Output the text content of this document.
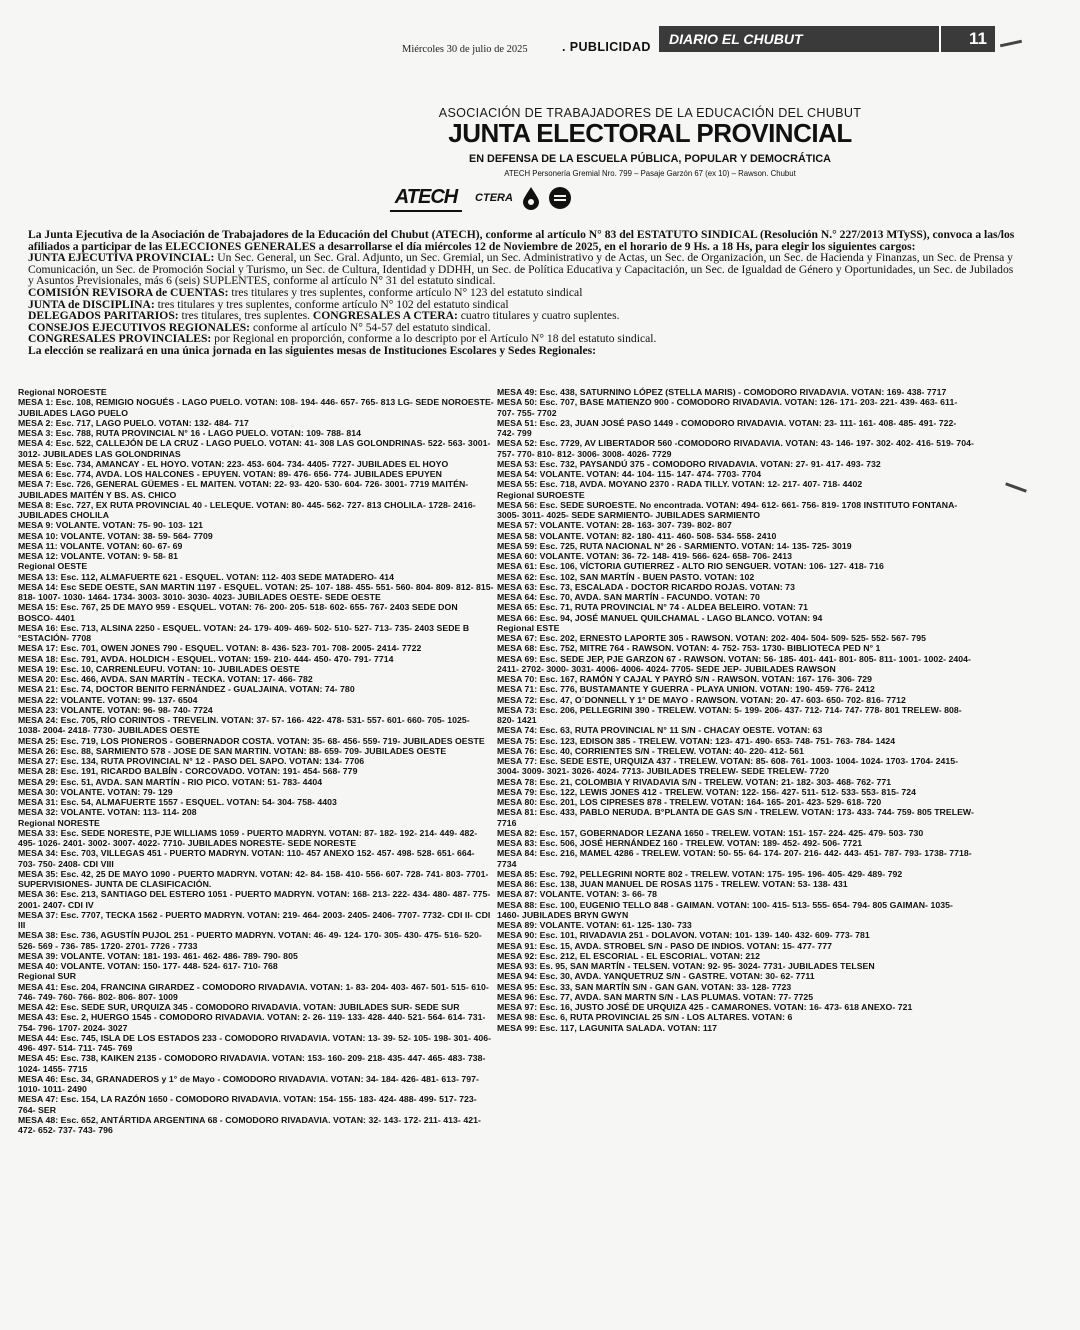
Miércoles 30 de julio de 2025	. PUBLICIDAD	DIARIO EL CHUBUT	11
ASOCIACIÓN DE TRABAJADORES DE LA EDUCACIÓN DEL CHUBUT
JUNTA ELECTORAL PROVINCIAL
EN DEFENSA DE LA ESCUELA PÚBLICA, POPULAR Y DEMOCRÁTICA
ATECH Personería Gremial Nro. 799 – Pasaje Garzón 67 (ex 10) – Rawson. Chubut
ATECH	CTERA

La Junta Ejecutiva de la Asociación de Trabajadores de la Educación del Chubut (ATECH), conforme al artículo N° 83 del ESTATUTO SINDICAL (Resolución N.° 227/2013 MTySS), convoca a las/los afiliados a participar de las ELECCIONES GENERALES a desarrollarse el día miércoles 12 de Noviembre de 2025, en el horario de 9 Hs. a 18 Hs, para elegir los siguientes cargos:

JUNTA EJECUTIVA PROVINCIAL: Un Sec. General, un Sec. Gral. Adjunto, un Sec. Gremial, un Sec. Administrativo y de Actas, un Sec. de Organización, un Sec. de Hacienda y Finanzas, un Sec. de Prensa y Comunicación, un Sec. de Promoción Social y Turismo, un Sec. de Cultura, Identidad y DDHH, un Sec. de Política Educativa y Capacitación, un Sec. de Igualdad de Género y Oportunidades, un Sec. de Jubilados y Asuntos Previsionales, más 6 (seis) SUPLENTES, conforme al artículo N° 31 del estatuto sindical.

COMISIÓN REVISORA de CUENTAS: tres titulares y tres suplentes, conforme artículo N° 123 del estatuto sindical

JUNTA de DISCIPLINA: tres titulares y tres suplentes, conforme artículo N° 102 del estatuto sindical

DELEGADOS PARITARIOS: tres titulares, tres suplentes. CONGRESALES A CTERA: cuatro titulares y cuatro suplentes.

CONSEJOS EJECUTIVOS REGIONALES: conforme al artículo N° 54-57 del estatuto sindical.

CONGRESALES PROVINCIALES: por Regional en proporción, conforme a lo descripto por el Artículo N° 18 del estatuto sindical.

La elección se realizará en una única jornada en las siguientes mesas de Instituciones Escolares y Sedes Regionales:

Regional NOROESTE
MESA 1: Esc. 108, REMIGIO NOGUÉS - LAGO PUELO. VOTAN: 108- 194- 446- 657- 765- 813 LG- SEDE NOROESTE- JUBILADES LAGO PUELO
MESA 2: Esc. 717, LAGO PUELO. VOTAN: 132- 484- 717
MESA 3: Esc. 788, RUTA PROVINCIAL N° 16 - LAGO PUELO. VOTAN: 109- 788- 814
MESA 4: Esc. 522, CALLEJÓN DE LA CRUZ - LAGO PUELO. VOTAN: 41- 308 LAS GOLONDRINAS- 522- 563- 3001- 3012- JUBILADES LAS GOLONDRINAS
MESA 5: Esc. 734, AMANCAY - EL HOYO. VOTAN: 223- 453- 604- 734- 4405- 7727- JUBILADES EL HOYO
MESA 6: Esc. 774, AVDA. LOS HALCONES - EPUYEN. VOTAN: 89- 476- 656- 774- JUBILADES EPUYEN
MESA 7: Esc. 726, GENERAL GÜEMES - EL MAITEN. VOTAN: 22- 93- 420- 530- 604- 726- 3001- 7719 MAITÉN- JUBILADES MAITÉN Y BS. AS. CHICO
MESA 8: Esc. 727, EX RUTA PROVINCIAL 40 - LELEQUE. VOTAN: 80- 445- 562- 727- 813 CHOLILA- 1728- 2416- JUBILADES CHOLILA
MESA 9: VOLANTE. VOTAN: 75- 90- 103- 121
MESA 10: VOLANTE. VOTAN: 38- 59- 564- 7709
MESA 11: VOLANTE. VOTAN: 60- 67- 69
MESA 12: VOLANTE. VOTAN: 9- 58- 81
Regional OESTE
MESA 13: Esc. 112, ALMAFUERTE 621 - ESQUEL. VOTAN: 112- 403 SEDE MATADERO- 414
MESA 14: Esc SEDE OESTE, SAN MARTIN 1197 - ESQUEL. VOTAN: 25- 107- 188- 455- 551- 560- 804- 809- 812- 815- 818- 1007- 1030- 1464- 1734- 3003- 3010- 3030- 4023- JUBILADES OESTE- SEDE OESTE
MESA 15: Esc. 767, 25 DE MAYO 959 - ESQUEL. VOTAN: 76- 200- 205- 518- 602- 655- 767- 2403 SEDE DON BOSCO- 4401
MESA 16: Esc. 713, ALSINA 2250 - ESQUEL. VOTAN: 24- 179- 409- 469- 502- 510- 527- 713- 735- 2403 SEDE B °ESTACIÓN- 7708
MESA 17: Esc. 701, OWEN JONES 790 - ESQUEL. VOTAN: 8- 436- 523- 701- 708- 2005- 2414- 7722
MESA 18: Esc. 791, AVDA. HOLDICH - ESQUEL. VOTAN: 159- 210- 444- 450- 470- 791- 7714
MESA 19: Esc. 10, CARRENLEUFU. VOTAN: 10- JUBILADES OESTE
MESA 20: Esc. 466, AVDA. SAN MARTÍN - TECKA. VOTAN: 17- 466- 782
MESA 21: Esc. 74, DOCTOR BENITO FERNÁNDEZ - GUALJAINA. VOTAN: 74- 780
MESA 22: VOLANTE. VOTAN: 99- 137- 6504
MESA 23: VOLANTE. VOTAN: 96- 98- 740- 7724
MESA 24: Esc. 705, RÍO CORINTOS - TREVELIN. VOTAN: 37- 57- 166- 422- 478- 531- 557- 601- 660- 705- 1025- 1038- 2004- 2418- 7730- JUBILADES OESTE
MESA 25: Esc. 719, LOS PIONEROS - GOBERNADOR COSTA. VOTAN: 35- 68- 456- 559- 719- JUBILADES OESTE
MESA 26: Esc. 88, SARMIENTO 578 - JOSE DE SAN MARTIN. VOTAN: 88- 659- 709- JUBILADES OESTE
MESA 27: Esc. 134, RUTA PROVINCIAL N° 12 - PASO DEL SAPO. VOTAN: 134- 7706
MESA 28: Esc. 191, RICARDO BALBÍN - CORCOVADO. VOTAN: 191- 454- 568- 779
MESA 29: Esc. 51, AVDA. SAN MARTÍN - RIO PICO. VOTAN: 51- 783- 4404
MESA 30: VOLANTE. VOTAN: 79- 129
MESA 31: Esc. 54, ALMAFUERTE 1557 - ESQUEL. VOTAN: 54- 304- 758- 4403
MESA 32: VOLANTE. VOTAN: 113- 114- 208
Regional NORESTE
MESA 33: Esc. SEDE NORESTE, PJE WILLIAMS 1059 - PUERTO MADRYN. VOTAN: 87- 182- 192- 214- 449- 482- 495- 1026- 2401- 3002- 3007- 4022- 7710- JUBILADES NORESTE- SEDE NORESTE
MESA 34: Esc. 703, VILLEGAS 451 - PUERTO MADRYN. VOTAN: 110- 457 ANEXO 152- 457- 498- 528- 651- 664- 703- 750- 2408- CDI VIII
MESA 35: Esc. 42, 25 DE MAYO 1090 - PUERTO MADRYN. VOTAN: 42- 84- 158- 410- 556- 607- 728- 741- 803- 7701- SUPERVISIONES- JUNTA DE CLASIFICACIÓN.
MESA 36: Esc. 213, SANTIAGO DEL ESTERO 1051 - PUERTO MADRYN. VOTAN: 168- 213- 222- 434- 480- 487- 775- 2001- 2407- CDI IV
MESA 37: Esc. 7707, TECKA 1562 - PUERTO MADRYN. VOTAN: 219- 464- 2003- 2405- 2406- 7707- 7732- CDI II- CDI III
MESA 38: Esc. 736, AGUSTÍN PUJOL 251 - PUERTO MADRYN. VOTAN: 46- 49- 124- 170- 305- 430- 475- 516- 520- 526- 569 - 736- 785- 1720- 2701- 7726 - 7733
MESA 39: VOLANTE. VOTAN: 181- 193- 461- 462- 486- 789- 790- 805
MESA 40: VOLANTE. VOTAN: 150- 177- 448- 524- 617- 710- 768
Regional SUR
MESA 41: Esc. 204, FRANCINA GIRARDEZ - COMODORO RIVADAVIA. VOTAN: 1- 83- 204- 403- 467- 501- 515- 610- 746- 749- 760- 766- 802- 806- 807- 1009
MESA 42: Esc. SEDE SUR, URQUIZA 345 - COMODORO RIVADAVIA. VOTAN: JUBILADES SUR- SEDE SUR
MESA 43: Esc. 2, HUERGO 1545 - COMODORO RIVADAVIA. VOTAN: 2- 26- 119- 133- 428- 440- 521- 564- 614- 731- 754- 796- 1707- 2024- 3027
MESA 44: Esc. 745, ISLA DE LOS ESTADOS 233 - COMODORO RIVADAVIA. VOTAN: 13- 39- 52- 105- 198- 301- 406- 496- 497- 514- 711- 745- 769
MESA 45: Esc. 738, KAIKEN 2135 - COMODORO RIVADAVIA. VOTAN: 153- 160- 209- 218- 435- 447- 465- 483- 738- 1024- 1455- 7715
MESA 46: Esc. 34, GRANADEROS y 1° de Mayo - COMODORO RIVADAVIA. VOTAN: 34- 184- 426- 481- 613- 797- 1010- 1011- 2490
MESA 47: Esc. 154, LA RAZÓN 1650 - COMODORO RIVADAVIA. VOTAN: 154- 155- 183- 424- 488- 499- 517- 723- 764- SER
MESA 48: Esc. 652, ANTÁRTIDA ARGENTINA 68 - COMODORO RIVADAVIA. VOTAN: 32- 143- 172- 211- 413- 421- 472- 652- 737- 743- 796
MESA 49: Esc. 438, SATURNINO LÓPEZ (STELLA MARIS) - COMODORO RIVADAVIA. VOTAN: 169- 438- 7717
MESA 50: Esc. 707, BASE MATIENZO 900 - COMODORO RIVADAVIA. VOTAN: 126- 171- 203- 221- 439- 463- 611- 707- 755- 7702
MESA 51: Esc. 23, JUAN JOSÉ PASO 1449 - COMODORO RIVADAVIA. VOTAN: 23- 111- 161- 408- 485- 491- 722- 742- 799
MESA 52: Esc. 7729, AV LIBERTADOR 560 -COMODORO RIVADAVIA. VOTAN: 43- 146- 197- 302- 402- 416- 519- 704- 757- 770- 810- 812- 3006- 3008- 4026- 7729
MESA 53: Esc. 732, PAYSANDÚ 375 - COMODORO RIVADAVIA. VOTAN: 27- 91- 417- 493- 732
MESA 54: VOLANTE. VOTAN: 44- 104- 115- 147- 474- 7703- 7704
MESA 55: Esc. 718, AVDA. MOYANO 2370 - RADA TILLY. VOTAN: 12- 217- 407- 718- 4402
Regional SUROESTE
MESA 56: Esc. SEDE SUROESTE. No encontrada. VOTAN: 494- 612- 661- 756- 819- 1708 INSTITUTO FONTANA- 3005- 3011- 4025- SEDE SARMIENTO- JUBILADES SARMIENTO
MESA 57: VOLANTE. VOTAN: 28- 163- 307- 739- 802- 807
MESA 58: VOLANTE. VOTAN: 82- 180- 411- 460- 508- 534- 558- 2410
MESA 59: Esc. 725, RUTA NACIONAL N° 26 - SARMIENTO. VOTAN: 14- 135- 725- 3019
MESA 60: VOLANTE. VOTAN: 36- 72- 148- 419- 566- 624- 658- 706- 2413
MESA 61: Esc. 106, VÍCTORIA GUTIERREZ - ALTO RIO SENGUER. VOTAN: 106- 127- 418- 716
MESA 62: Esc. 102, SAN MARTÍN - BUEN PASTO. VOTAN: 102
MESA 63: Esc. 73, ESCALADA - DOCTOR RICARDO ROJAS. VOTAN: 73
MESA 64: Esc. 70, AVDA. SAN MARTÍN - FACUNDO. VOTAN: 70
MESA 65: Esc. 71, RUTA PROVINCIAL N° 74 - ALDEA BELEIRO. VOTAN: 71
MESA 66: Esc. 94, JOSÉ MANUEL QUILCHAMAL - LAGO BLANCO. VOTAN: 94
Regional ESTE
MESA 67: Esc. 202, ERNESTO LAPORTE 305 - RAWSON. VOTAN: 202- 404- 504- 509- 525- 552- 567- 795
MESA 68: Esc. 752, MITRE 764 - RAWSON. VOTAN: 4- 752- 753- 1730- BIBLIOTECA PED N° 1
MESA 69: Esc. SEDE JEP, PJE GARZON 67 - RAWSON. VOTAN: 56- 185- 401- 441- 801- 805- 811- 1001- 1002- 2404- 2411- 2702- 3000- 3031- 4006- 4006- 4024- 7705- SEDE JEP- JUBILADES RAWSON
MESA 70: Esc. 167, RAMÓN Y CAJAL Y PAYRÓ S/N - RAWSON. VOTAN: 167- 176- 306- 729
MESA 71: Esc. 776, BUSTAMANTE Y GUERRA - PLAYA UNION. VOTAN: 190- 459- 776- 2412
MESA 72: Esc. 47, O´DONNELL Y 1° DE MAYO - RAWSON. VOTAN: 20- 47- 603- 650- 702- 816- 7712
MESA 73: Esc. 206, PELLEGRINI 390 - TRELEW. VOTAN: 5- 199- 206- 437- 712- 714- 747- 778- 801 TRELEW- 808- 820- 1421
MESA 74: Esc. 63, RUTA PROVINCIAL N° 11 S/N - CHACAY OESTE. VOTAN: 63
MESA 75: Esc. 123, EDISON 385 - TRELEW. VOTAN: 123- 471- 490- 653- 748- 751- 763- 784- 1424
MESA 76: Esc. 40, CORRIENTES S/N - TRELEW. VOTAN: 40- 220- 412- 561
MESA 77: Esc. SEDE ESTE, URQUIZA 437 - TRELEW. VOTAN: 85- 608- 761- 1003- 1004- 1024- 1703- 1704- 2415- 3004- 3009- 3021- 3026- 4024- 7713- JUBILADES TRELEW- SEDE TRELEW- 7720
MESA 78: Esc. 21, COLOMBIA Y RIVADAVIA S/N - TRELEW. VOTAN: 21- 182- 303- 468- 762- 771
MESA 79: Esc. 122, LEWIS JONES 412 - TRELEW. VOTAN: 122- 156- 427- 511- 512- 533- 553- 815- 724
MESA 80: Esc. 201, LOS CIPRESES 878 - TRELEW. VOTAN: 164- 165- 201- 423- 529- 618- 720
MESA 81: Esc. 433, PABLO NERUDA. B°PLANTA DE GAS S/N - TRELEW. VOTAN: 173- 433- 744- 759- 805 TRELEW- 7716
MESA 82: Esc. 157, GOBERNADOR LEZANA 1650 - TRELEW. VOTAN: 151- 157- 224- 425- 479- 503- 730
MESA 83: Esc. 506, JOSÉ HERNÁNDEZ 160 - TRELEW. VOTAN: 189- 452- 492- 506- 7721
MESA 84: Esc. 216, MAMEL 4286 - TRELEW. VOTAN: 50- 55- 64- 174- 207- 216- 442- 443- 451- 787- 793- 1738- 7718- 7734
MESA 85: Esc. 792, PELLEGRINI NORTE 802 - TRELEW. VOTAN: 175- 195- 196- 405- 429- 489- 792
MESA 86: Esc. 138, JUAN MANUEL DE ROSAS 1175 - TRELEW. VOTAN: 53- 138- 431
MESA 87: VOLANTE. VOTAN: 3- 66- 78
MESA 88: Esc. 100, EUGENIO TELLO 848 - GAIMAN. VOTAN: 100- 415- 513- 555- 654- 794- 805 GAIMAN- 1035- 1460- JUBILADES BRYN GWYN
MESA 89: VOLANTE. VOTAN: 61- 125- 130- 733
MESA 90: Esc. 101, RIVADAVIA 251 - DOLAVON. VOTAN: 101- 139- 140- 432- 609- 773- 781
MESA 91: Esc. 15, AVDA. STROBEL S/N - PASO DE INDIOS. VOTAN: 15- 477- 777
MESA 92: Esc. 212, EL ESCORIAL - EL ESCORIAL. VOTAN: 212
MESA 93: Es. 95, SAN MARTÍN - TELSEN. VOTAN: 92- 95- 3024- 7731- JUBILADES TELSEN
MESA 94: Esc. 30, AVDA. YANQUETRUZ S/N - GASTRE. VOTAN: 30- 62- 7711
MESA 95: Esc. 33, SAN MARTÍN S/N - GAN GAN. VOTAN: 33- 128- 7723
MESA 96: Esc. 77, AVDA. SAN MARTN S/N - LAS PLUMAS. VOTAN: 77- 7725
MESA 97: Esc. 16, JUSTO JOSÉ DE URQUIZA 425 - CAMARONES. VOTAN: 16- 473- 618 ANEXO- 721
MESA 98: Esc. 6, RUTA PROVINCIAL 25 S/N - LOS ALTARES. VOTAN: 6
MESA 99: Esc. 117, LAGUNITA SALADA. VOTAN: 117
